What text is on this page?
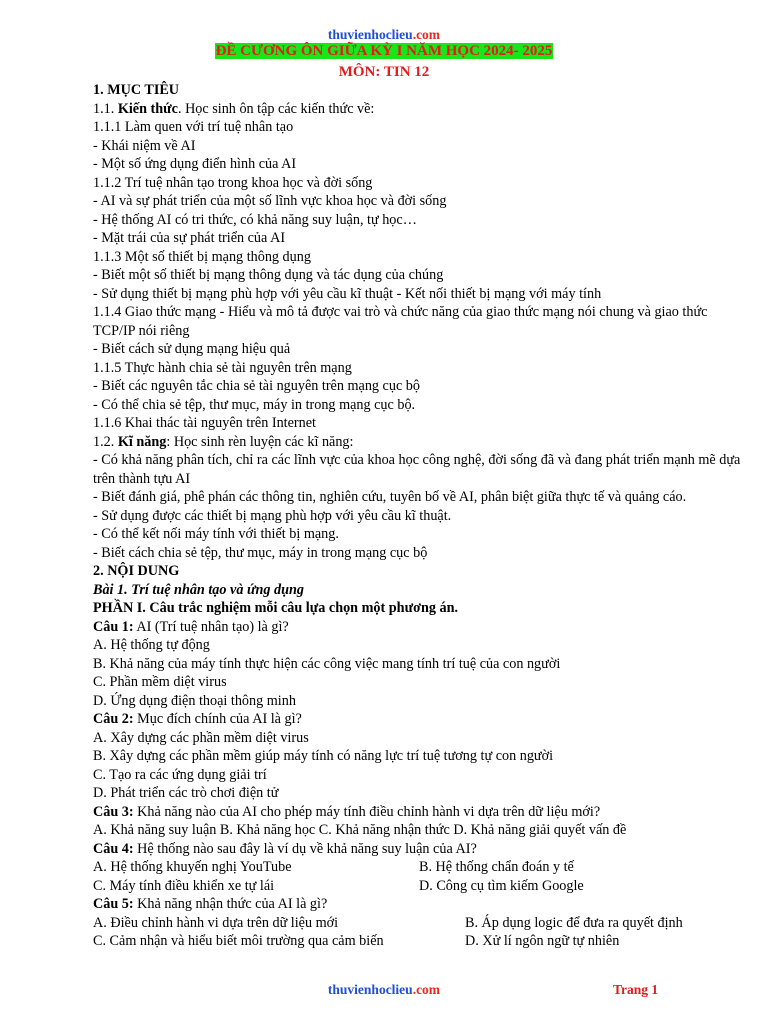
thuvienhoclieu.com
ĐỀ CƯƠNG ÔN GIỮA KỲ I NĂM HỌC 2024- 2025
MÔN: TIN 12
1. MỤC TIÊU
1.1. Kiến thức. Học sinh ôn tập các kiến thức về:
1.1.1 Làm quen với trí tuệ nhân tạo
- Khái niệm về AI
- Một số ứng dụng điển hình của AI
1.1.2 Trí tuệ nhân tạo trong khoa học và đời sống
- AI và sự phát triển của một số lĩnh vực khoa học và đời sống
- Hệ thống AI có tri thức, có khả năng suy luận, tự học…
- Mặt trái của sự phát triển của AI
1.1.3 Một số thiết bị mạng thông dụng
- Biết một số thiết bị mạng thông dụng và tác dụng của chúng
- Sử dụng thiết bị mạng phù hợp với yêu cầu kĩ thuật - Kết nối thiết bị mạng với máy tính
1.1.4 Giao thức mạng - Hiểu và mô tả được vai trò và chức năng của giao thức mạng nói chung và giao thức TCP/IP nói riêng
- Biết cách sử dụng mạng hiệu quả
1.1.5 Thực hành chia sẻ tài nguyên trên mạng
- Biết các nguyên tắc chia sẻ tài nguyên trên mạng cục bộ
- Có thể chia sẻ tệp, thư mục, máy in trong mạng cục bộ.
1.1.6 Khai thác tài nguyên trên Internet
1.2. Kĩ năng: Học sinh rèn luyện các kĩ năng:
- Có khả năng phân tích, chỉ ra các lĩnh vực của khoa học công nghệ, đời sống đã và đang phát triển mạnh mẽ dựa trên thành tựu AI
- Biết đánh giá, phê phán các thông tin, nghiên cứu, tuyên bố về AI, phân biệt giữa thực tế và quảng cáo.
- Sử dụng được các thiết bị mạng phù hợp với yêu cầu kĩ thuật.
- Có thể kết nối máy tính với thiết bị mạng.
- Biết cách chia sẻ tệp, thư mục, máy in trong mạng cục bộ
2. NỘI DUNG
Bài 1. Trí tuệ nhân tạo và ứng dụng
PHẦN I. Câu trắc nghiệm mỗi câu lựa chọn một phương án.
Câu 1: AI (Trí tuệ nhân tạo) là gì?
A. Hệ thống tự động
B. Khả năng của máy tính thực hiện các công việc mang tính trí tuệ của con người
C. Phần mềm diệt virus
D. Ứng dụng điện thoại thông minh
Câu 2: Mục đích chính của AI là gì?
A. Xây dựng các phần mềm diệt virus
B. Xây dựng các phần mềm giúp máy tính có năng lực trí tuệ tương tự con người
C. Tạo ra các ứng dụng giải trí
D. Phát triển các trò chơi điện tử
Câu 3: Khả năng nào của AI cho phép máy tính điều chỉnh hành vi dựa trên dữ liệu mới?
A. Khả năng suy luận B. Khả năng học C. Khả năng nhận thức D. Khả năng giải quyết vấn đề
Câu 4: Hệ thống nào sau đây là ví dụ về khả năng suy luận của AI?
A. Hệ thống khuyến nghị YouTube	B. Hệ thống chẩn đoán y tế
C. Máy tính điều khiển xe tự lái	D. Công cụ tìm kiếm Google
Câu 5: Khả năng nhận thức của AI là gì?
A. Điều chỉnh hành vi dựa trên dữ liệu mới	B. Áp dụng logic để đưa ra quyết định
C. Cảm nhận và hiểu biết môi trường qua cảm biến	D. Xử lí ngôn ngữ tự nhiên
thuvienhoclieu.com	Trang 1
